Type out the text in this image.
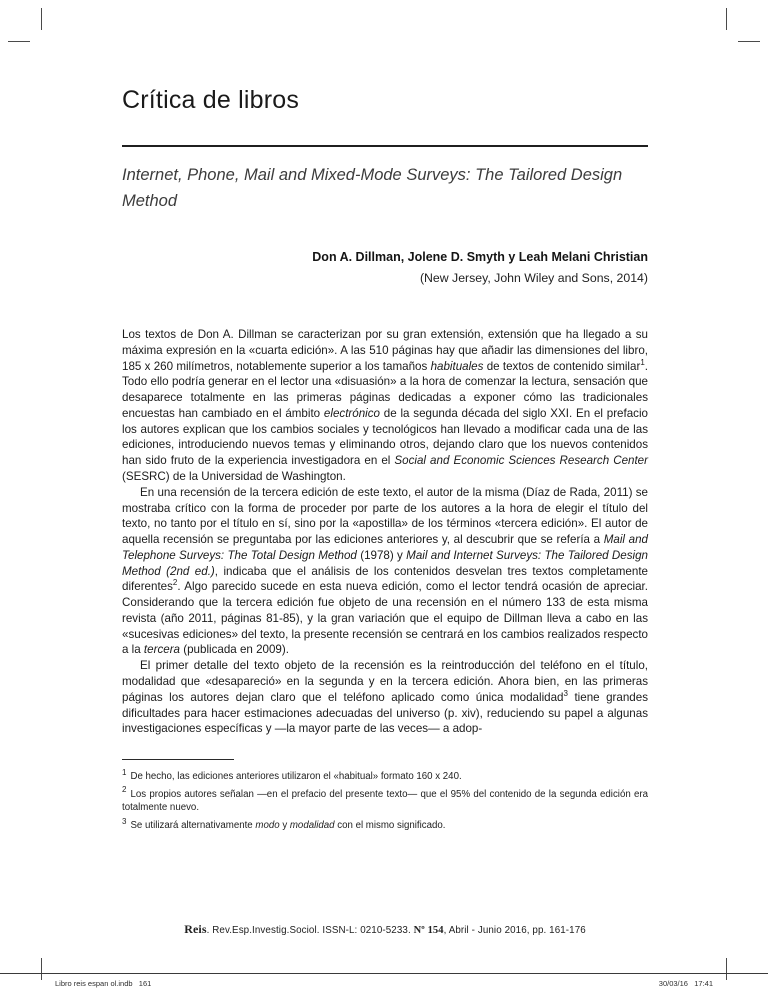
Crítica de libros
Internet, Phone, Mail and Mixed-Mode Surveys: The Tailored Design Method
Don A. Dillman, Jolene D. Smyth y Leah Melani Christian
(New Jersey, John Wiley and Sons, 2014)

Los textos de Don A. Dillman se caracterizan por su gran extensión, extensión que ha llegado a su máxima expresión en la «cuarta edición». A las 510 páginas hay que añadir las dimensiones del libro, 185 x 260 milímetros, notablemente superior a los tamaños habituales de textos de contenido similar$^1$. Todo ello podría generar en el lector una «disuasión» a la hora de comenzar la lectura, sensación que desaparece totalmente en las primeras páginas dedicadas a exponer cómo las tradicionales encuestas han cambiado en el ámbito electrónico de la segunda década del siglo XXI. En el prefacio los autores explican que los cambios sociales y tecnológicos han llevado a modificar cada una de las ediciones, introduciendo nuevos temas y eliminando otros, dejando claro que los nuevos contenidos han sido fruto de la experiencia investigadora en el Social and Economic Sciences Research Center (SESRC) de la Universidad de Washington.

En una recensión de la tercera edición de este texto, el autor de la misma (Díaz de Rada, 2011) se mostraba crítico con la forma de proceder por parte de los autores a la hora de elegir el título del texto, no tanto por el título en sí, sino por la «apostilla» de los términos «tercera edición». El autor de aquella recensión se preguntaba por las ediciones anteriores y, al descubrir que se refería a Mail and Telephone Surveys: The Total Design Method (1978) y Mail and Internet Surveys: The Tailored Design Method (2nd ed.), indicaba que el análisis de los contenidos desvelan tres textos completamente diferentes$^2$. Algo parecido sucede en esta nueva edición, como el lector tendrá ocasión de apreciar. Considerando que la tercera edición fue objeto de una recensión en el número 133 de esta misma revista (año 2011, páginas 81-85), y la gran variación que el equipo de Dillman lleva a cabo en las «sucesivas ediciones» del texto, la presente recensión se centrará en los cambios realizados respecto a la tercera (publicada en 2009).

El primer detalle del texto objeto de la recensión es la reintroducción del teléfono en el título, modalidad que «desapareció» en la segunda y en la tercera edición. Ahora bien, en las primeras páginas los autores dejan claro que el teléfono aplicado como única modalidad$^3$ tiene grandes dificultades para hacer estimaciones adecuadas del universo (p. xiv), reduciendo su papel a algunas investigaciones específicas y —la mayor parte de las veces— a adop-

$^1$ De hecho, las ediciones anteriores utilizaron el «habitual» formato 160 x 240.
$^2$ Los propios autores señalan —en el prefacio del presente texto— que el 95% del contenido de la segunda edición era totalmente nuevo.
$^3$ Se utilizará alternativamente modo y modalidad con el mismo significado.
Reis. Rev.Esp.Investig.Sociol. ISSN-L: 0210-5233. Nº 154, Abril - Junio 2016, pp. 161-176
Libro reis espan ol.indb   161	30/03/16   17:41
